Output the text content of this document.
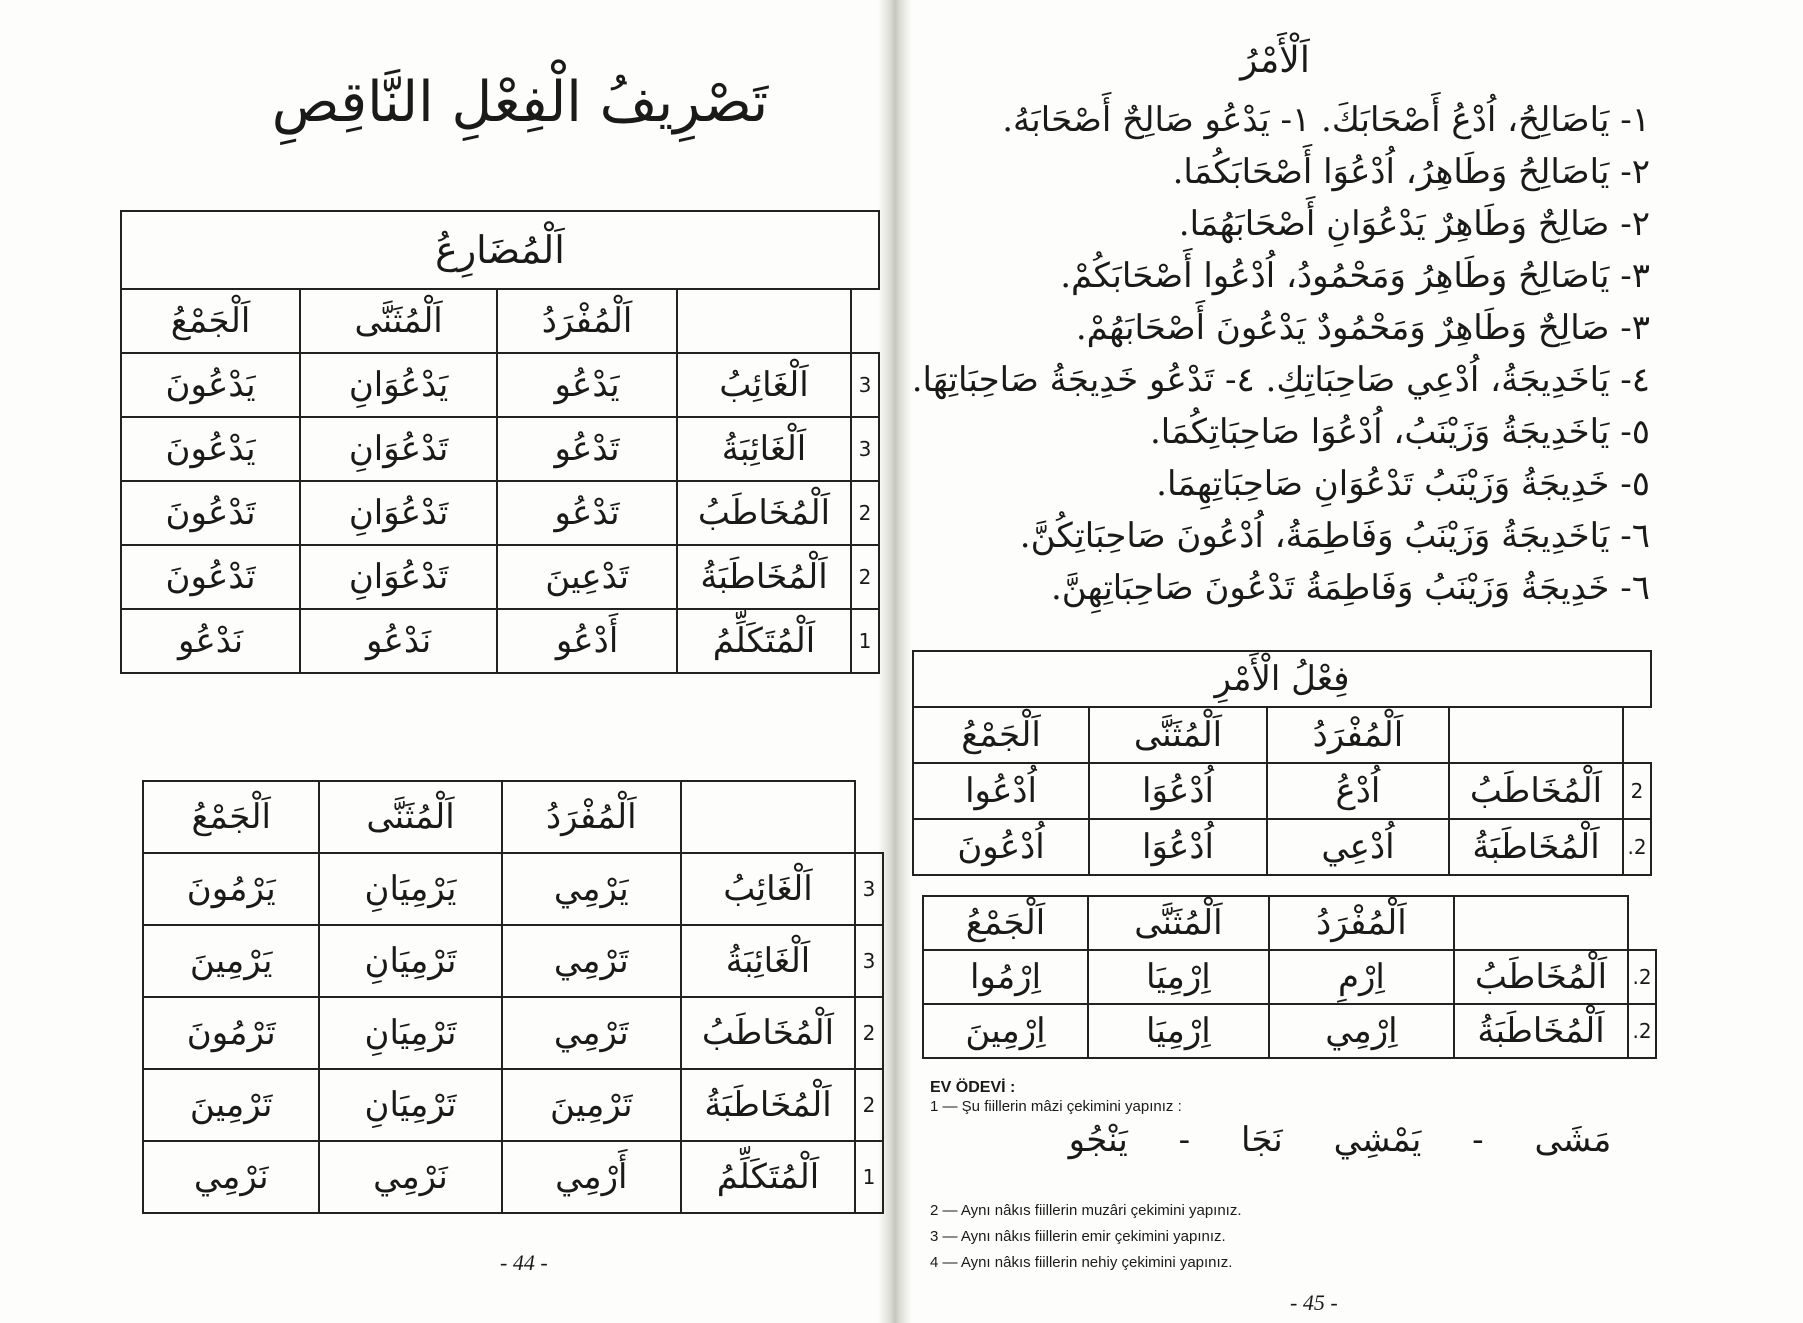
تَصْرِيفُ الْفِعْلِ النَّاقِصِ
اَلْمُضَارِعُ				
		اَلْمُفْرَدُ	اَلْمُثَنَّى	اَلْجَمْعُ
3	اَلْغَائِبُ	يَدْعُو	يَدْعُوَانِ	يَدْعُونَ
3	اَلْغَائِبَةُ	تَدْعُو	تَدْعُوَانِ	يَدْعُونَ
2	اَلْمُخَاطَبُ	تَدْعُو	تَدْعُوَانِ	تَدْعُونَ
2	اَلْمُخَاطَبَةُ	تَدْعِينَ	تَدْعُوَانِ	تَدْعُونَ
1	اَلْمُتَكَلِّمُ	أَدْعُو	نَدْعُو	نَدْعُو
		اَلْمُفْرَدُ	اَلْمُثَنَّى	اَلْجَمْعُ
3	اَلْغَائِبُ	يَرْمِي	يَرْمِيَانِ	يَرْمُونَ
3	اَلْغَائِبَةُ	تَرْمِي	تَرْمِيَانِ	يَرْمِينَ
2	اَلْمُخَاطَبُ	تَرْمِي	تَرْمِيَانِ	تَرْمُونَ
2	اَلْمُخَاطَبَةُ	تَرْمِينَ	تَرْمِيَانِ	تَرْمِينَ
1	اَلْمُتَكَلِّمُ	أَرْمِي	نَرْمِي	نَرْمِي
- 44 -
اَلْأَمْرُ
١- يَاصَالِحُ، اُدْعُ أَصْحَابَكَ. ١- يَدْعُو صَالِحٌ أَصْحَابَهُ.
٢- يَاصَالِحُ وَطَاهِرُ، اُدْعُوَا أَصْحَابَكُمَا.
٢- صَالِحٌ وَطَاهِرٌ يَدْعُوَانِ أَصْحَابَهُمَا.
٣- يَاصَالِحُ وَطَاهِرُ وَمَحْمُودُ، اُدْعُوا أَصْحَابَكُمْ.
٣- صَالِحٌ وَطَاهِرٌ وَمَحْمُودٌ يَدْعُونَ أَصْحَابَهُمْ.
٤- يَاخَدِيجَةُ، اُدْعِي صَاحِبَاتِكِ. ٤- تَدْعُو خَدِيجَةُ صَاحِبَاتِهَا.
٥- يَاخَدِيجَةُ وَزَيْنَبُ، اُدْعُوَا صَاحِبَاتِكُمَا.
٥- خَدِيجَةُ وَزَيْنَبُ تَدْعُوَانِ صَاحِبَاتِهِمَا.
٦- يَاخَدِيجَةُ وَزَيْنَبُ وَفَاطِمَةُ، اُدْعُونَ صَاحِبَاتِكُنَّ.
٦- خَدِيجَةُ وَزَيْنَبُ وَفَاطِمَةُ تَدْعُونَ صَاحِبَاتِهِنَّ.
فِعْلُ الْأَمْرِ				
		اَلْمُفْرَدُ	اَلْمُثَنَّى	اَلْجَمْعُ
2	اَلْمُخَاطَبُ	اُدْعُ	اُدْعُوَا	اُدْعُوا
2.	اَلْمُخَاطَبَةُ	اُدْعِي	اُدْعُوَا	اُدْعُونَ
		اَلْمُفْرَدُ	اَلْمُثَنَّى	اَلْجَمْعُ
2.	اَلْمُخَاطَبُ	اِرْمِ	اِرْمِيَا	اِرْمُوا
2.	اَلْمُخَاطَبَةُ	اِرْمِي	اِرْمِيَا	اِرْمِينَ
EV ÖDEVİ :
1 — Şu fiillerin mâzi çekimini yapınız :
مَشَى - يَمْشِي نَجَا - يَنْجُو
2 — Aynı nâkıs fiillerin muzâri çekimini yapınız.
3 — Aynı nâkıs fiillerin emir çekimini yapınız.
4 — Aynı nâkıs fiillerin nehiy çekimini yapınız.
- 45 -
